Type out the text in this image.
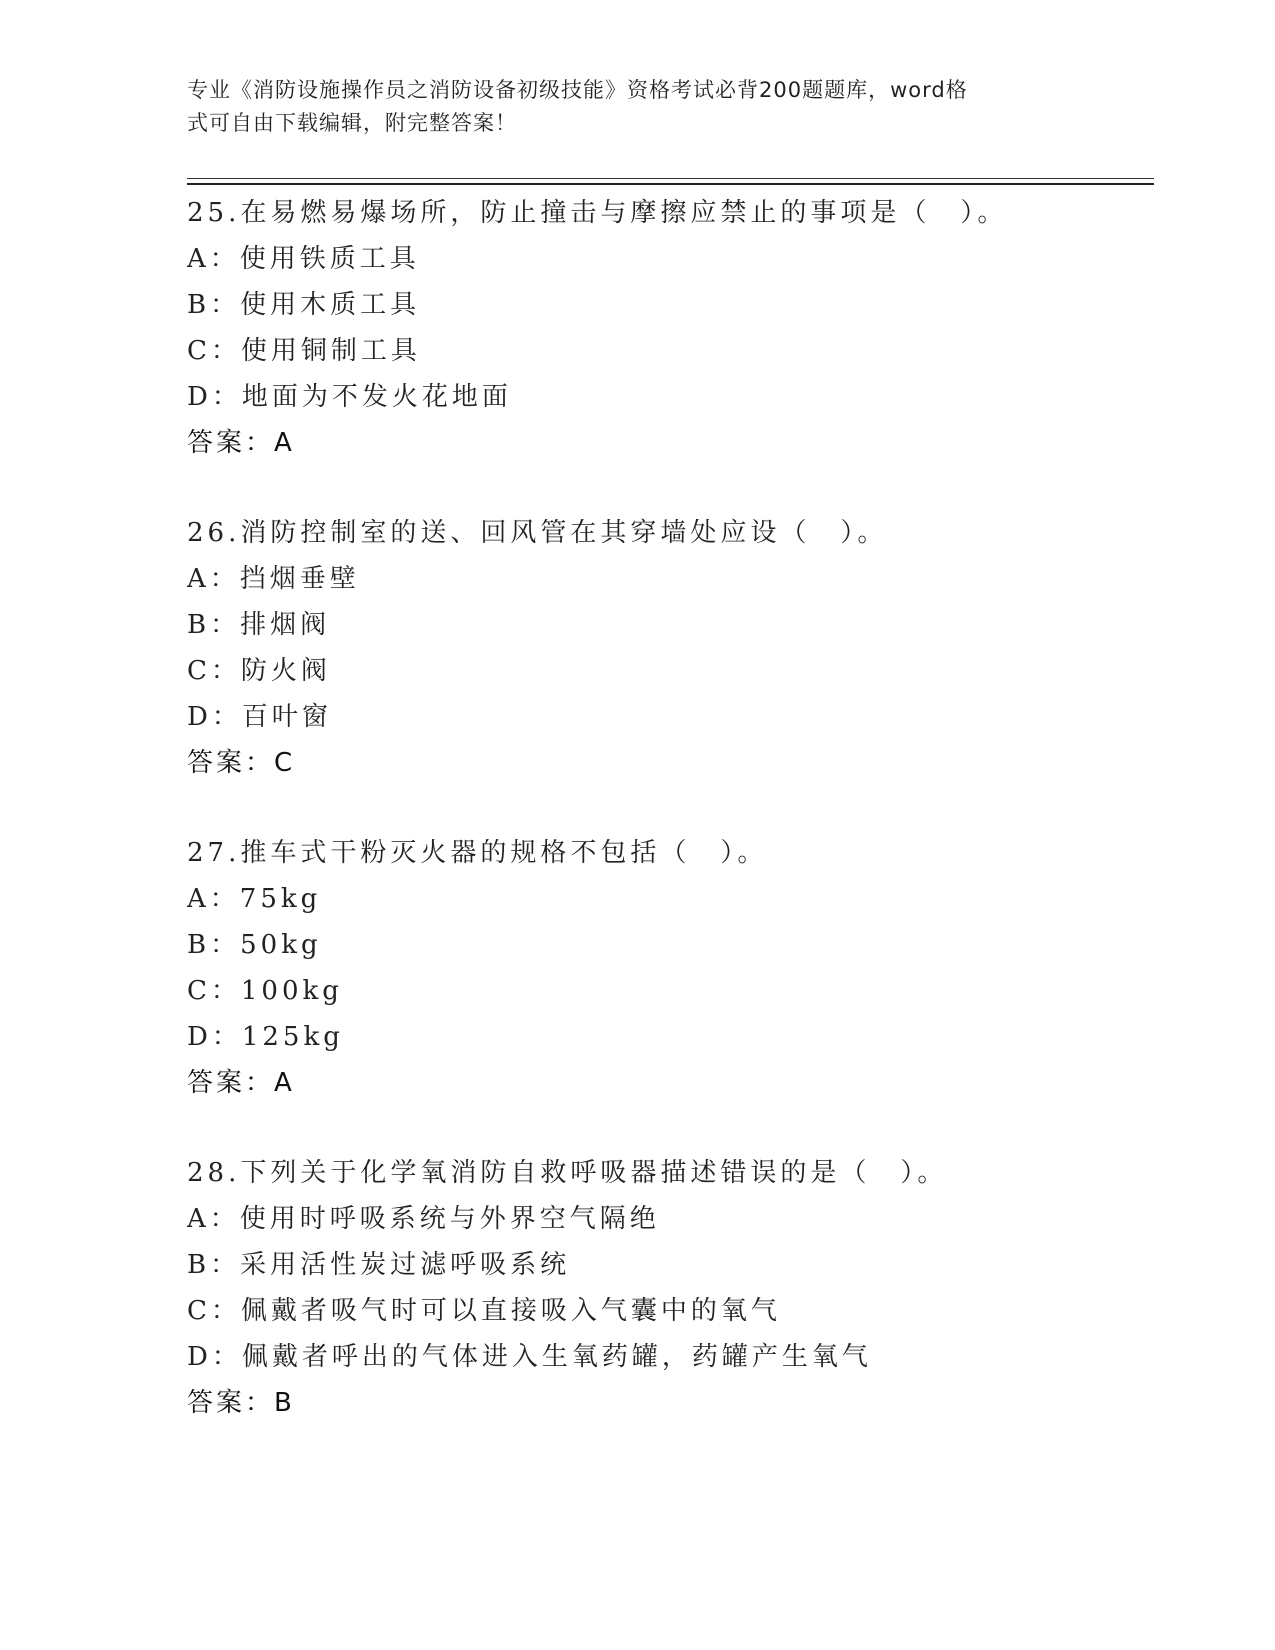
专业《消防设施操作员之消防设备初级技能》资格考试必背200题题库，word格
式可自由下载编辑，附完整答案！
25.在易燃易爆场所，防止撞击与摩擦应禁止的事项是（　）。
A：使用铁质工具
B：使用木质工具
C：使用铜制工具
D：地面为不发火花地面
答案：A
26.消防控制室的送、回风管在其穿墙处应设（　）。
A：挡烟垂壁
B：排烟阀
C：防火阀
D：百叶窗
答案：C
27.推车式干粉灭火器的规格不包括（　）。
A：75kg
B：50kg
C：100kg
D：125kg
答案：A
28.下列关于化学氧消防自救呼吸器描述错误的是（　）。
A：使用时呼吸系统与外界空气隔绝
B：采用活性炭过滤呼吸系统
C：佩戴者吸气时可以直接吸入气囊中的氧气
D：佩戴者呼出的气体进入生氧药罐，药罐产生氧气
答案：B
